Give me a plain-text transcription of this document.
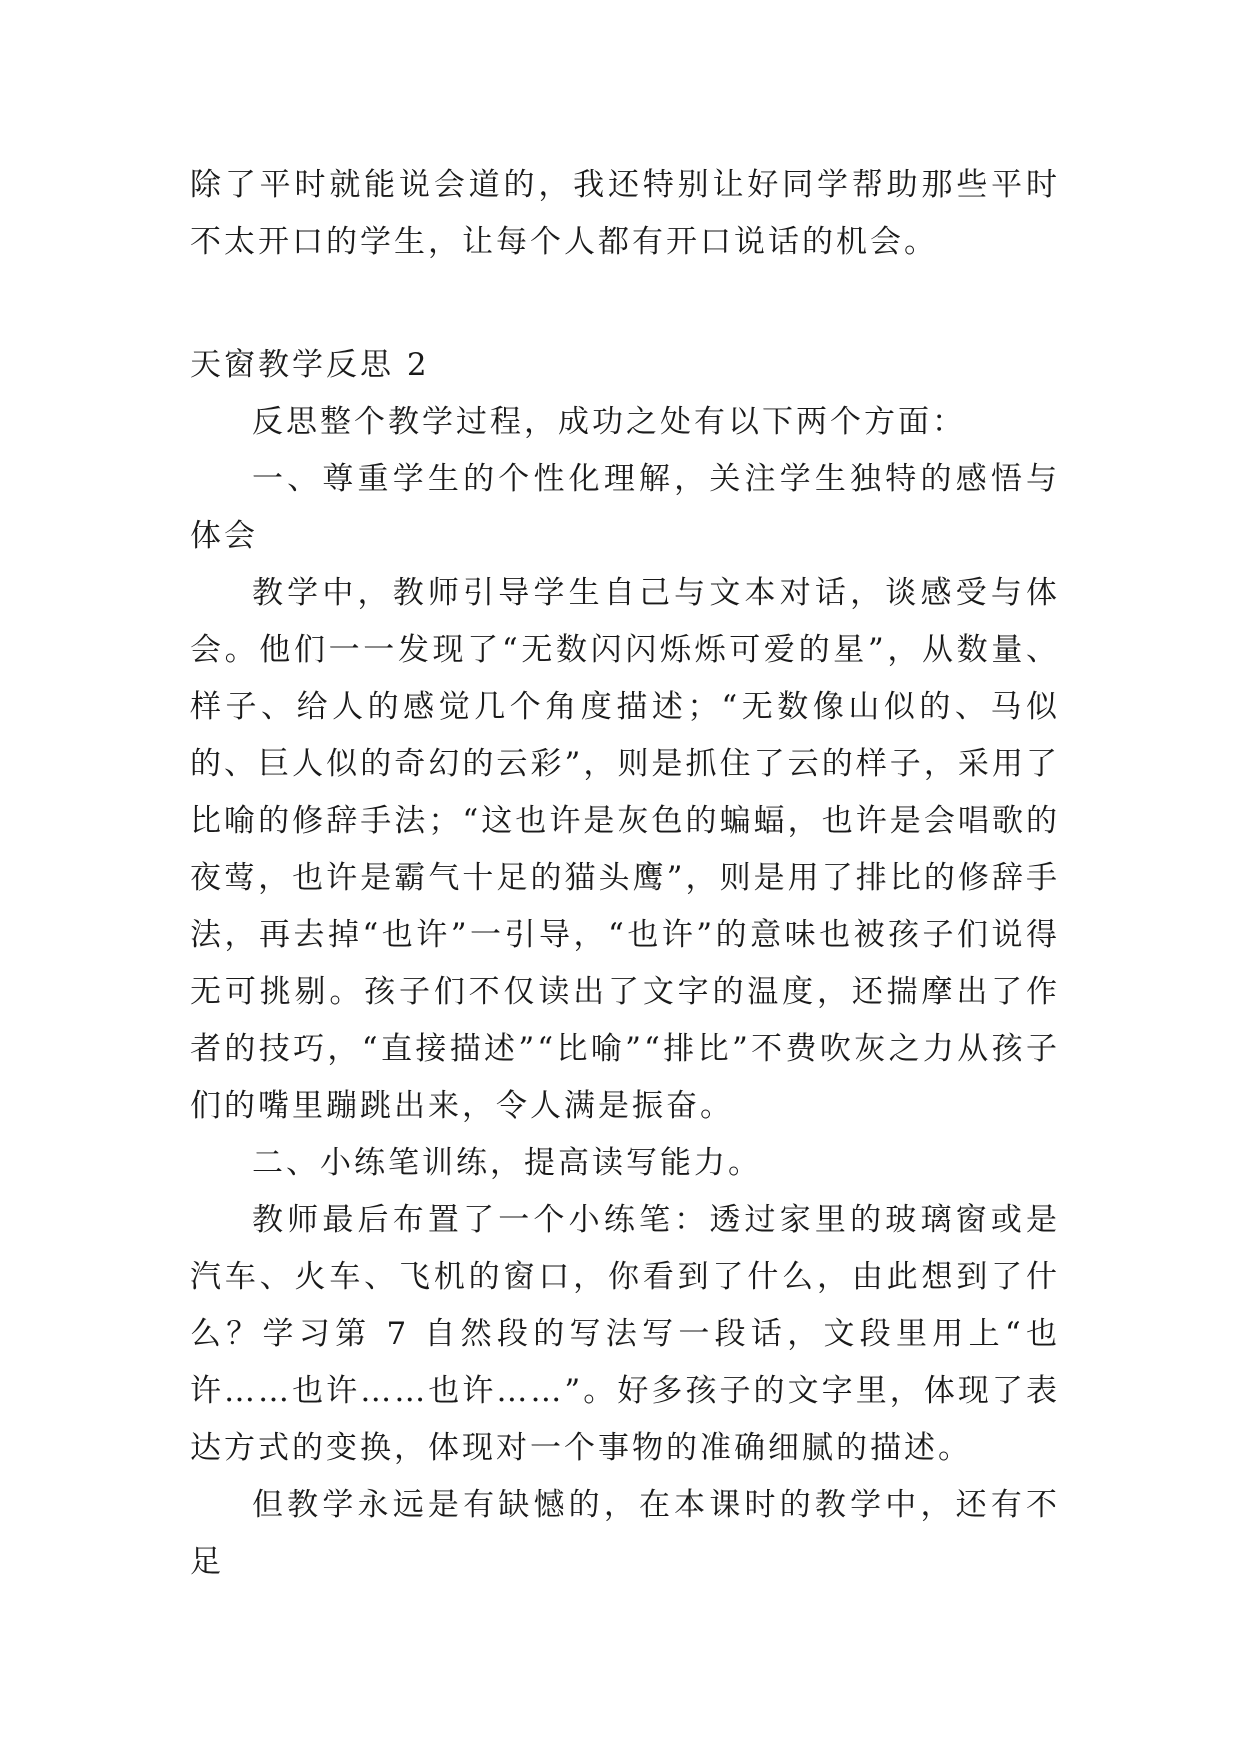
除了平时就能说会道的，我还特别让好同学帮助那些平时不太开口的学生，让每个人都有开口说话的机会。

天窗教学反思 2

反思整个教学过程，成功之处有以下两个方面：

一、尊重学生的个性化理解，关注学生独特的感悟与体会

教学中，教师引导学生自己与文本对话，谈感受与体会。他们一一发现了“无数闪闪烁烁可爱的星”，从数量、样子、给人的感觉几个角度描述；“无数像山似的、马似的、巨人似的奇幻的云彩”，则是抓住了云的样子，采用了比喻的修辞手法；“这也许是灰色的蝙蝠，也许是会唱歌的夜莺，也许是霸气十足的猫头鹰”，则是用了排比的修辞手法，再去掉“也许”一引导，“也许”的意味也被孩子们说得无可挑剔。孩子们不仅读出了文字的温度，还揣摩出了作者的技巧，“直接描述”“比喻”“排比”不费吹灰之力从孩子们的嘴里蹦跳出来，令人满是振奋。

二、小练笔训练，提高读写能力。

教师最后布置了一个小练笔：透过家里的玻璃窗或是汽车、火车、飞机的窗口，你看到了什么，由此想到了什么？学习第 7 自然段的写法写一段话，文段里用上“也许……也许……也许……”。好多孩子的文字里，体现了表达方式的变换，体现对一个事物的准确细腻的描述。

但教学永远是有缺憾的，在本课时的教学中，还有不足
